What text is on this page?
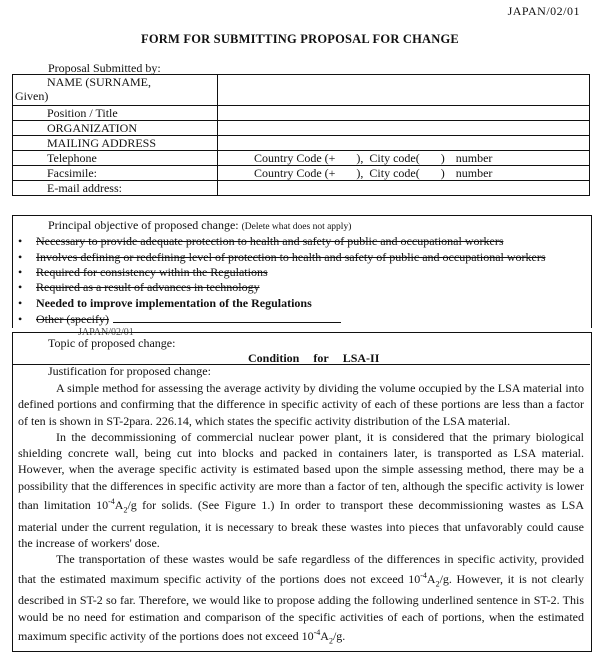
JAPAN/02/01
FORM FOR SUBMITTING PROPOSAL FOR CHANGE
Proposal Submitted by:
NAME (SURNAME,
Given)	

Position / Title	
ORGANIZATION	
MAILING ADDRESS	
Telephone	Country Code (+       ),  City code(       ) number
Facsimile:	Country Code (+       ),  City code(       ) number
E-mail address:	
Principal objective of proposed change: (Delete what does not apply)
• Necessary to provide adequate protection to health and safety of public and occupational workers
• Involves defining or redefining level of protection to health and safety of public and occupational workers
• Required for consistency within the Regulations
• Required as a result of advances in technology
• Needed to improve implementation of the Regulations
• Other (specify)
JAPAN/02/01
Topic of proposed change:
Condition for LSA-II
Justification for proposed change:

A simple method for assessing the average activity by dividing the volume occupied by the LSA material into defined portions and confirming that the difference in specific activity of each of these portions are less than a factor of ten is shown in ST-2para. 226.14, which states the specific activity distribution of the LSA material.

In the decommissioning of commercial nuclear power plant, it is considered that the primary biological shielding concrete wall, being cut into blocks and packed in containers later, is transported as LSA material. However, when the average specific activity is estimated based upon the simple assessing method, there may be a possibility that the differences in specific activity are more than a factor of ten, although the specific activity is lower than limitation $10^{-4}A_2/g$ for solids. (See Figure 1.) In order to transport these decommissioning wastes as LSA material under the current regulation, it is necessary to break these wastes into pieces that unfavorably could cause the increase of workers' dose.

The transportation of these wastes would be safe regardless of the differences in specific activity, provided that the estimated maximum specific activity of the portions does not exceed $10^{-4}A_2/g$. However, it is not clearly described in ST-2 so far. Therefore, we would like to propose adding the following underlined sentence in ST-2. This would be no need for estimation and comparison of the specific activities of each of portions, when the estimated maximum specific activity of the portions does not exceed $10^{-4}A_2/g$.
